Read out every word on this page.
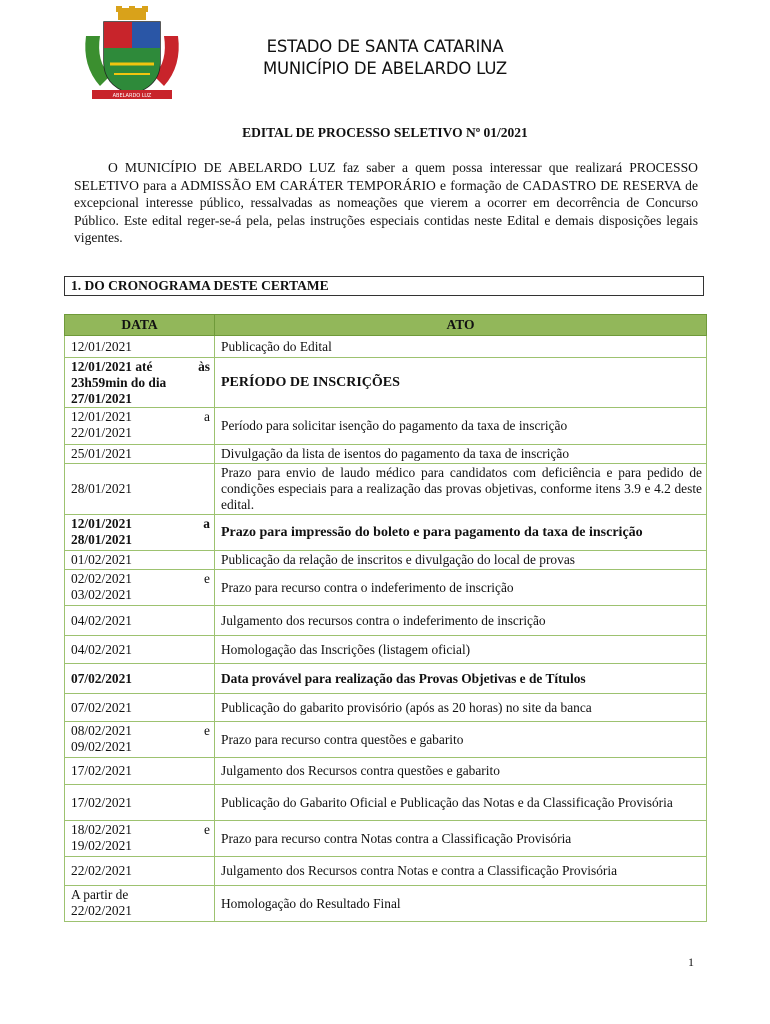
ABELARDO LUZ
ESTADO DE SANTA CATARINA
MUNICÍPIO DE ABELARDO LUZ
EDITAL DE PROCESSO SELETIVO Nº 01/2021
O MUNICÍPIO DE ABELARDO LUZ faz saber a quem possa interessar que realizará PROCESSO SELETIVO para a ADMISSÃO EM CARÁTER TEMPORÁRIO e formação de CADASTRO DE RESERVA de excepcional interesse público, ressalvadas as nomeações que vierem a ocorrer em decorrência de Concurso Público. Este edital reger-se-á pela, pelas instruções especiais contidas neste Edital e demais disposições legais vigentes.
1. DO CRONOGRAMA DESTE CERTAME
DATA	ATO
12/01/2021	Publicação do Edital

12/01/2021 até às
23h59min do dia
27/01/2021	PERÍODO DE INSCRIÇÕES

12/01/2021 a
22/01/2021	Período para solicitar isenção do pagamento da taxa de inscrição
25/01/2021	Divulgação da lista de isentos do pagamento da taxa de inscrição
28/01/2021	Prazo para envio de laudo médico para candidatos com deficiência e para pedido de condições especiais para a realização das provas objetivas, conforme itens 3.9 e 4.2 deste edital.

12/01/2021 a
28/01/2021	Prazo para impressão do boleto e para pagamento da taxa de inscrição
01/02/2021	Publicação da relação de inscritos e divulgação do local de provas

02/02/2021 e
03/02/2021	Prazo para recurso contra o indeferimento de inscrição
04/02/2021	Julgamento dos recursos contra o indeferimento de inscrição
04/02/2021	Homologação das Inscrições (listagem oficial)
07/02/2021	Data provável para realização das Provas Objetivas e de Títulos
07/02/2021	Publicação do gabarito provisório (após as 20 horas) no site da banca

08/02/2021 e
09/02/2021	Prazo para recurso contra questões e gabarito
17/02/2021	Julgamento dos Recursos contra questões e gabarito
17/02/2021	Publicação do Gabarito Oficial e Publicação das Notas e da Classificação Provisória

18/02/2021 e
19/02/2021	Prazo para recurso contra Notas contra a Classificação Provisória
22/02/2021	Julgamento dos Recursos contra Notas e contra a Classificação Provisória

A partir de
22/02/2021	Homologação do Resultado Final
1
